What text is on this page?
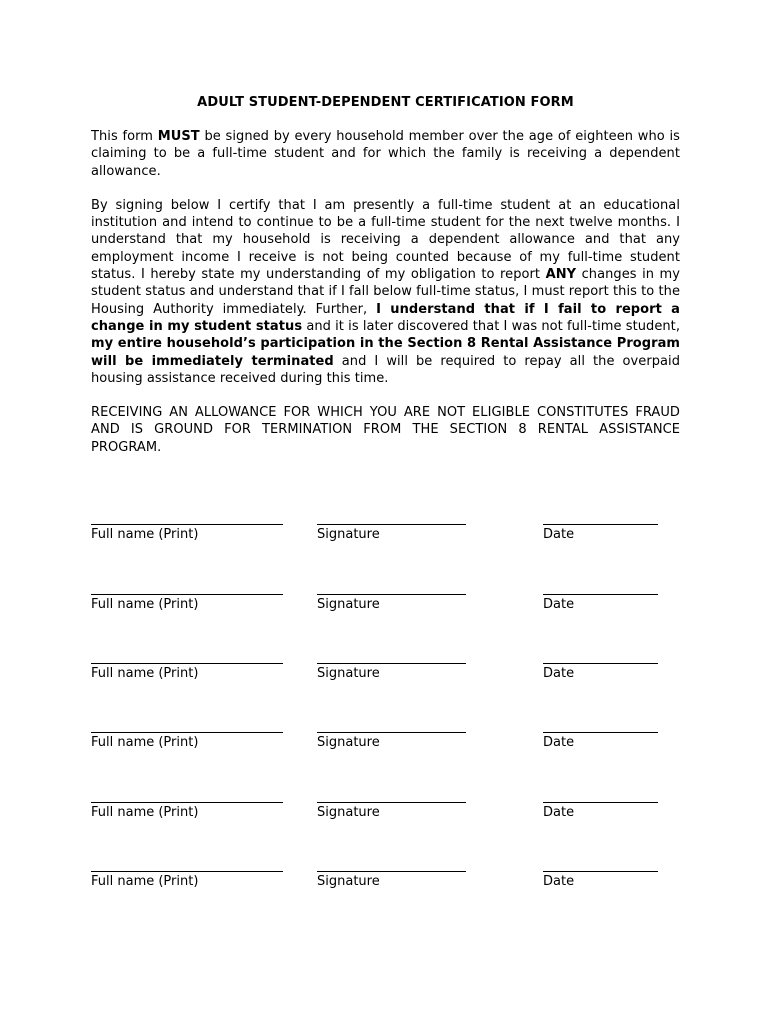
ADULT STUDENT-DEPENDENT CERTIFICATION FORM

This form MUST be signed by every household member over the age of eighteen who is claiming to be a full-time student and for which the family is receiving a dependent allowance.

By signing below I certify that I am presently a full-time student at an educational institution and intend to continue to be a full-time student for the next twelve months. I understand that my household is receiving a dependent allowance and that any employment income I receive is not being counted because of my full-time student status. I hereby state my understanding of my obligation to report ANY changes in my student status and understand that if I fall below full-time status, I must report this to the Housing Authority immediately. Further, I understand that if I fail to report a change in my student status and it is later discovered that I was not full-time student, my entire household’s participation in the Section 8 Rental Assistance Program will be immediately terminated and I will be required to repay all the overpaid housing assistance received during this time.

RECEIVING AN ALLOWANCE FOR WHICH YOU ARE NOT ELIGIBLE CONSTITUTES FRAUD AND IS GROUND FOR TERMINATION FROM THE SECTION 8 RENTAL ASSISTANCE PROGRAM.

Full name (Print)	Signature	Date
Full name (Print)	Signature	Date
Full name (Print)	Signature	Date
Full name (Print)	Signature	Date
Full name (Print)	Signature	Date
Full name (Print)	Signature	Date
